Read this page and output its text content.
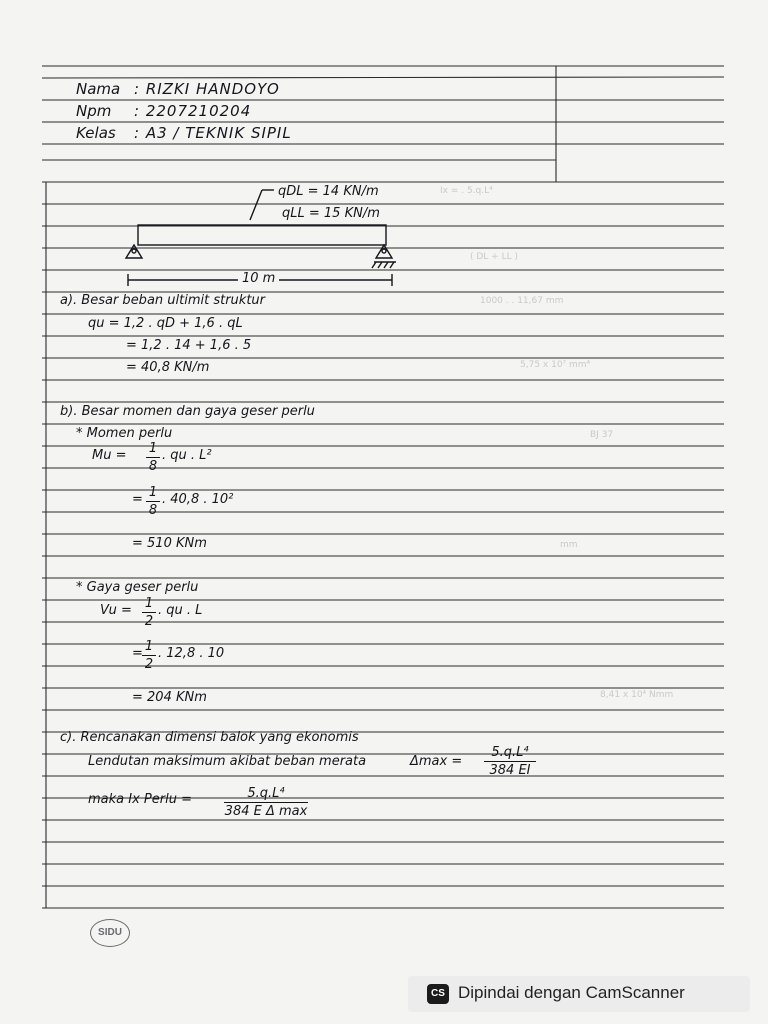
Ix = . 5.q.L⁴
( DL + LL )
1000 . . 11,67 mm
5,75 x 10⁷ mm⁴
BJ 37
mm
8,41 x 10⁴ Nmm
Nama : RIZKI HANDOYO
Npm : 2207210204
Kelas : A3 / TEKNIK SIPIL
qDL = 14 KN/m
qLL = 15 KN/m
10 m
a). Besar beban ultimit struktur
qu = 1,2 . qD + 1,6 . qL
= 1,2 . 14 + 1,6 . 5
= 40,8 KN/m
b). Besar momen dan gaya geser perlu
* Momen perlu
Mu = 1
8
. qu . L²
= 1
8
. 40,8 . 10²
= 510 KNm
* Gaya geser perlu
Vu = 1
2
. qu . L
= 1
2
. 12,8 . 10
= 204 KNm
c). Rencanakan dimensi balok yang ekonomis
Lendutan maksimum akibat beban merata	Δmax =
5.q.L⁴
384 EI
maka Ix Perlu =	5.q.L⁴
384 E Δ max
SIDU
CS Dipindai dengan CamScanner
